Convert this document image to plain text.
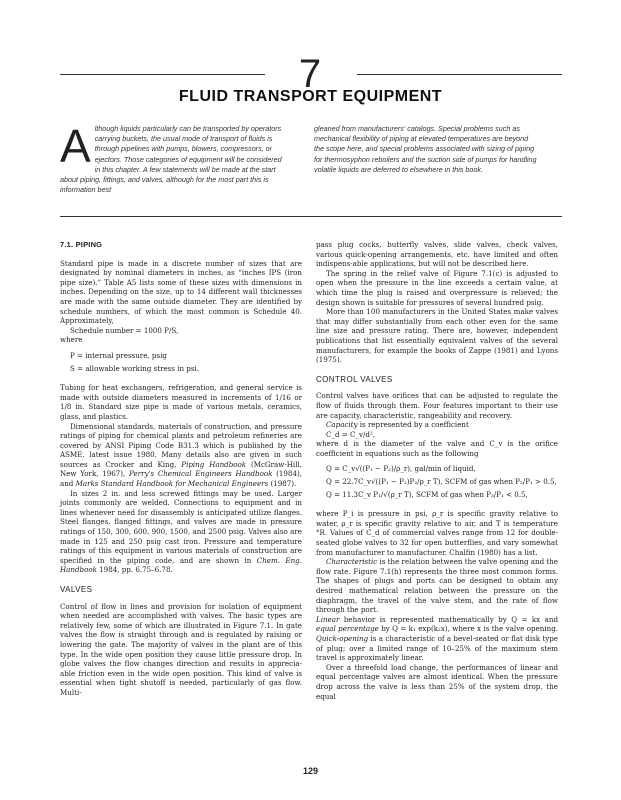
7
FLUID TRANSPORT EQUIPMENT
Although liquids particularly can be transported by operators carrying buckets, the usual mode of transport of fluids is through pipelines with pumps, blowers, compressors, or ejectors. Those categories of equipment will be considered in this chapter. A few statements will be made at the start about piping, fittings, and valves, although for the most part this is information best
gleaned from manufacturers' catalogs. Special problems such as mechanical flexibility of piping at elevated temperatures are beyond the scope here, and special problems associated with sizing of piping for thermosyphon reboilers and the suction side of pumps for handling volatile liquids are deferred to elsewhere in this book.
7.1. PIPING

Standard pipe is made in a discrete number of sizes that are designated by nominal diameters in inches, as “inches IPS (iron pipe size).” Table A5 lists some of these sizes with dimensions in inches. Depending on the size, up to 14 different wall thicknesses are made with the same outside diameter. They are identified by schedule numbers, of which the most common is Schedule 40. Approximately,

Schedule number = 1000 P/S,

where

P = internal pressure, psig
S = allowable working stress in psi.

Tubing for heat exchangers, refrigeration, and general service is made with outside diameters measured in increments of 1/16 or 1/8 in. Standard size pipe is made of various metals, ceramics, glass, and plastics.

Dimensional standards, materials of construction, and pressure ratings of piping for chemical plants and petroleum refineries are covered by ANSI Piping Code B31.3 which is published by the ASME, latest issue 1980. Many details also are given in such sources as Crocker and King, Piping Handbook (McGraw-Hill, New York, 1967), Perry's Chemical Engineers Handbook (1984), and Marks Standard Handbook for Mechanical Engineers (1987).

In sizes 2 in. and less screwed fittings may be used. Larger joints commonly are welded. Connections to equipment and in lines whenever need for disassembly is anticipated utilize flanges. Steel flanges, flanged fittings, and valves are made in pressure ratings of 150, 300, 600, 900, 1500, and 2500 psig. Valves also are made in 125 and 250 psig cast iron. Pressure and temperature ratings of this equipment in various materials of construction are specified in the piping code, and are shown in Chem. Eng. Handbook 1984, pp. 6.75–6.78.

VALVES

Control of flow in lines and provision for isolation of equipment when needed are accomplished with valves. The basic types are relatively few, some of which are illustrated in Figure 7.1. In gate valves the flow is straight through and is regulated by raising or lowering the gate. The majority of valves in the plant are of this type. In the wide open position they cause little pressure drop. In globe valves the flow changes direction and results in apprecia-able friction even in the wide open position. This kind of valve is essential when tight shutoff is needed, particularly of gas flow. Multi-

pass plug cocks, butterfly valves, slide valves, check valves, various quick-opening arrangements, etc. have limited and often indispens-able applications, but will not be described here.

The spring in the relief valve of Figure 7.1(c) is adjusted to open when the pressure in the line exceeds a certain value, at which time the plug is raised and overpressure is relieved; the design shown is suitable for pressures of several hundred psig.

More than 100 manufacturers in the United States make valves that may differ substantially from each other even for the same line size and pressure rating. There are, however, independent publications that list essentially equivalent valves of the several manufacturers, for example the books of Zappe (1981) and Lyons (1975).

CONTROL VALVES

Control valves have orifices that can be adjusted to regulate the flow of fluids through them. Four features important to their use are capacity, characteristic, rangeability and recovery.

Capacity is represented by a coefficient

C_d = C_v/d²,

where d is the diameter of the valve and C_v is the orifice coefficient in equations such as the following

Q = C_v√((P₁ − P₂)/ρ_r), gal/min of liquid,
Q = 22.7C_v√((P₁ − P₂)P₂/ρ_r T), SCFM of gas when P₂/P₁ > 0.5,
Q = 11.3C_v P₁/√(ρ_r T), SCFM of gas when P₂/P₁ < 0.5,

where P_i is pressure in psi, ρ_r is specific gravity relative to water, ρ_r is specific gravity relative to air, and T is temperature °R. Values of C_d of commercial valves range from 12 for double-seated globe valves to 32 for open butterflies, and vary somewhat from manufacturer to manufacturer. Chalfin (1980) has a list.

Characteristic is the relation between the valve opening and the flow rate. Figure 7.1(h) represents the three most common forms. The shapes of plugs and ports can be designed to obtain any desired mathematical relation between the pressure on the diaphragm, the travel of the valve stem, and the rate of flow through the port.

Linear behavior is represented mathematically by Q = kx and equal percentage by Q = k₁ exp(k₂x), where x is the valve opening. Quick-opening is a characteristic of a bevel-seated or flat disk type of plug; over a limited range of 10–25% of the maximum stem travel is approximately linear.

Over a threefold load change, the performances of linear and equal percentage valves are almost identical. When the pressure drop across the valve is less than 25% of the system drop, the equal

129
